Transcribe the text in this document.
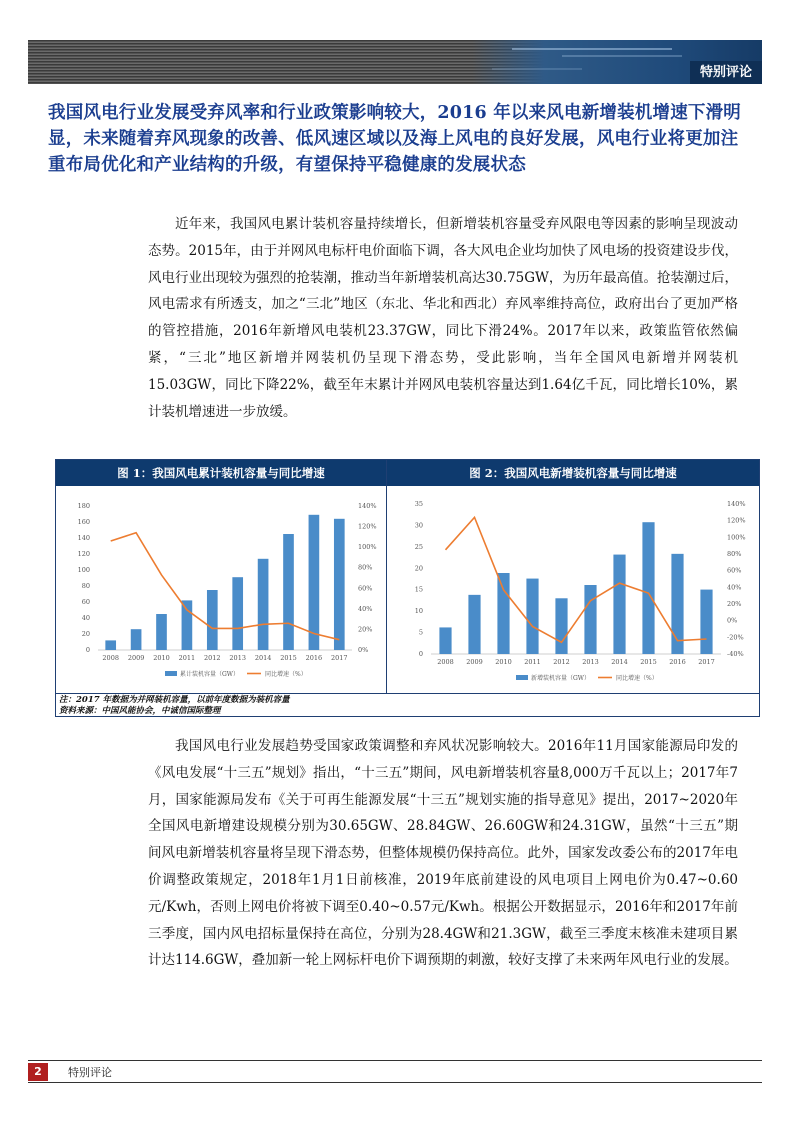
特别评论
我国风电行业发展受弃风率和行业政策影响较大，2016 年以来风电新增装机增速下滑明显，未来随着弃风现象的改善、低风速区域以及海上风电的良好发展，风电行业将更加注重布局优化和产业结构的升级，有望保持平稳健康的发展状态
近年来，我国风电累计装机容量持续增长，但新增装机容量受弃风限电等因素的影响呈现波动态势。2015年，由于并网风电标杆电价面临下调，各大风电企业均加快了风电场的投资建设步伐，风电行业出现较为强烈的抢装潮，推动当年新增装机高达30.75GW，为历年最高值。抢装潮过后，风电需求有所透支，加之“三北”地区（东北、华北和西北）弃风率维持高位，政府出台了更加严格的管控措施，2016年新增风电装机23.37GW，同比下滑24%。2017年以来，政策监管依然偏紧，“三北”地区新增并网装机仍呈现下滑态势，受此影响，当年全国风电新增并网装机15.03GW，同比下降22%，截至年末累计并网风电装机容量达到1.64亿千瓦，同比增长10%，累计装机增速进一步放缓。
图 1：我国风电累计装机容量与同比增速
0
20
40
60
80
100
120
140
160
180
0%
20%
40%
60%
80%
100%
120%
140%
2008 2009 2010 2011 2012 2013 2014 2015 2016 2017
累计装机容量（GW）	同比增速（%）
图 2：我国风电新增装机容量与同比增速
0
5
10
15
20
25
30
35
-40%
-20%
0%
20%
40%
60%
80%
100%
120%
140%
2008 2009 2010 2011 2012 2013 2014 2015 2016 2017
新增装机容量（GW）	同比增速（%）
注：2017 年数据为并网装机容量，以前年度数据为装机容量
资料来源：中国风能协会，中诚信国际整理
我国风电行业发展趋势受国家政策调整和弃风状况影响较大。2016年11月国家能源局印发的《风电发展“十三五”规划》指出，“十三五”期间，风电新增装机容量8,000万千瓦以上；2017年7月，国家能源局发布《关于可再生能源发展“十三五”规划实施的指导意见》提出，2017~2020年全国风电新增建设规模分别为30.65GW、28.84GW、26.60GW和24.31GW，虽然“十三五”期间风电新增装机容量将呈现下滑态势，但整体规模仍保持高位。此外，国家发改委公布的2017年电价调整政策规定，2018年1月1日前核准，2019年底前建设的风电项目上网电价为0.47~0.60元/Kwh，否则上网电价将被下调至0.40~0.57元/Kwh。根据公开数据显示，2016年和2017年前三季度，国内风电招标量保持在高位，分别为28.4GW和21.3GW，截至三季度末核准未建项目累计达114.6GW，叠加新一轮上网标杆电价下调预期的刺激，较好支撑了未来两年风电行业的发展。
2	特别评论
